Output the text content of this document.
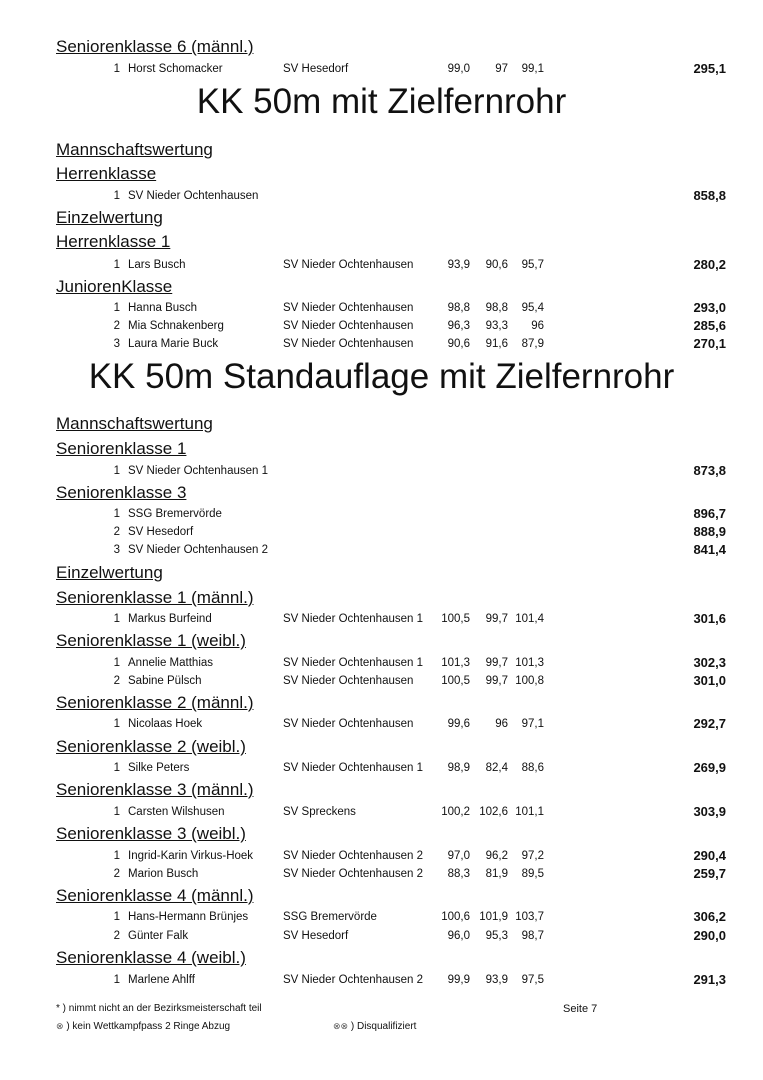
* ) nimmt nicht an der Bezirksmeisterschaft teil	Seite 7
⊗ ) kein Wettkampfpass 2 Ringe Abzug	⊗⊗ ) Disqualifiziert
Seniorenklasse 6 (männl.)
1 Horst Schomacker	SV Hesedorf	99,0	97	99,1	295,1
KK 50m mit Zielfernrohr
Mannschaftswertung
Herrenklasse
1 SV Nieder Ochtenhausen	858,8
Einzelwertung
Herrenklasse 1
1 Lars Busch	SV Nieder Ochtenhausen	93,9	90,6	95,7	280,2
JuniorenKlasse
1 Hanna Busch	SV Nieder Ochtenhausen	98,8	98,8	95,4	293,0
2 Mia Schnakenberg	SV Nieder Ochtenhausen	96,3	93,3	96	285,6
3 Laura Marie Buck	SV Nieder Ochtenhausen	90,6	91,6	87,9	270,1
KK 50m Standauflage mit Zielfernrohr
Mannschaftswertung
Seniorenklasse 1
1 SV Nieder Ochtenhausen 1	873,8
Seniorenklasse 3
1 SSG Bremervörde	896,7
2 SV Hesedorf	888,9
3 SV Nieder Ochtenhausen 2	841,4
Einzelwertung
Seniorenklasse 1 (männl.)
1 Markus Burfeind	SV Nieder Ochtenhausen 1	100,5	99,7 101,4	301,6
Seniorenklasse 1 (weibl.)
1 Annelie Matthias	SV Nieder Ochtenhausen 1	101,3	99,7 101,3	302,3
2 Sabine Pülsch	SV Nieder Ochtenhausen	100,5	99,7 100,8	301,0
Seniorenklasse 2 (männl.)
1 Nicolaas Hoek	SV Nieder Ochtenhausen	99,6	96	97,1	292,7
Seniorenklasse 2 (weibl.)
1 Silke Peters	SV Nieder Ochtenhausen 1	98,9	82,4	88,6	269,9
Seniorenklasse 3 (männl.)
1 Carsten Wilshusen	SV Spreckens	100,2 102,6 101,1	303,9
Seniorenklasse 3 (weibl.)
1 Ingrid-Karin Virkus-Hoek	SV Nieder Ochtenhausen 2	97,0	96,2	97,2	290,4
2 Marion Busch	SV Nieder Ochtenhausen 2	88,3	81,9	89,5	259,7
Seniorenklasse 4 (männl.)
1 Hans-Hermann Brünjes	SSG Bremervörde	100,6 101,9 103,7	306,2
2 Günter Falk	SV Hesedorf	96,0	95,3	98,7	290,0
Seniorenklasse 4 (weibl.)
1 Marlene Ahlff	SV Nieder Ochtenhausen 2	99,9	93,9	97,5	291,3
